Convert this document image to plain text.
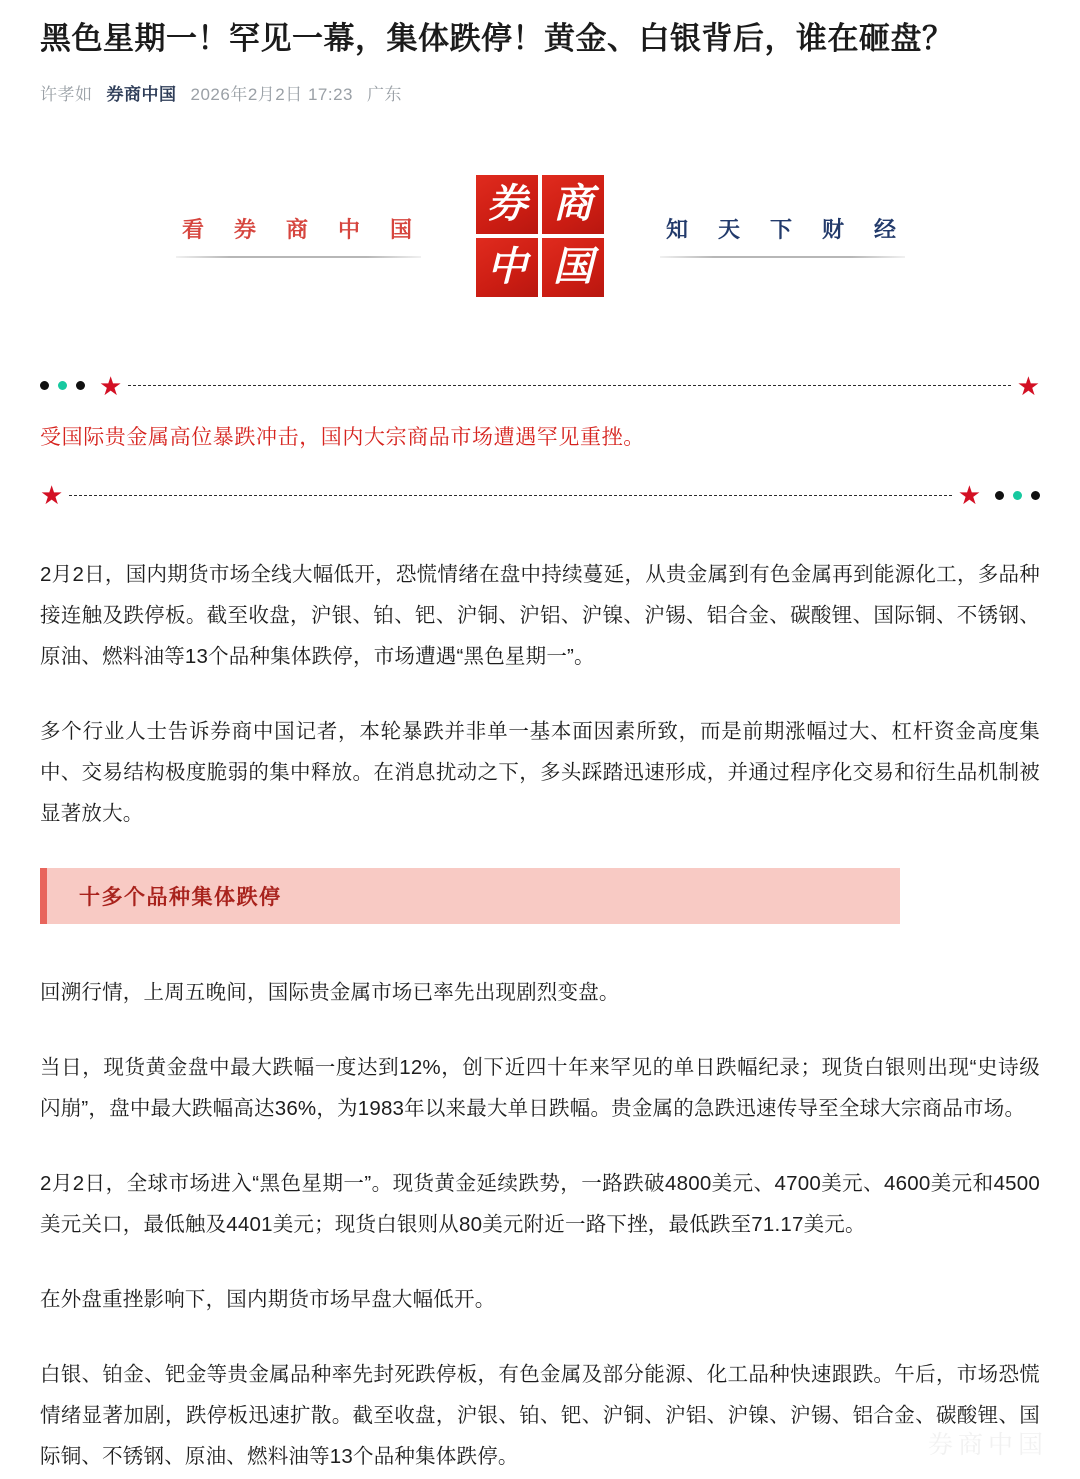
黑色星期一！罕见一幕，集体跌停！黄金、白银背后，谁在砸盘？
许孝如 券商中国 2026年2月2日 17:23 广东
看 券 商 中 国
券 商
中 国
知 天 下 财 经
★	★

受国际贵金属高位暴跌冲击，国内大宗商品市场遭遇罕见重挫。

★	★

2月2日，国内期货市场全线大幅低开，恐慌情绪在盘中持续蔓延，从贵金属到有色金属再到能源化工，多品种接连触及跌停板。截至收盘，沪银、铂、钯、沪铜、沪铝、沪镍、沪锡、铝合金、碳酸锂、国际铜、不锈钢、原油、燃料油等13个品种集体跌停，市场遭遇“黑色星期一”。

多个行业人士告诉券商中国记者，本轮暴跌并非单一基本面因素所致，而是前期涨幅过大、杠杆资金高度集中、交易结构极度脆弱的集中释放。在消息扰动之下，多头踩踏迅速形成，并通过程序化交易和衍生品机制被显著放大。

十多个品种集体跌停

回溯行情，上周五晚间，国际贵金属市场已率先出现剧烈变盘。

当日，现货黄金盘中最大跌幅一度达到12%，创下近四十年来罕见的单日跌幅纪录；现货白银则出现“史诗级闪崩”，盘中最大跌幅高达36%，为1983年以来最大单日跌幅。贵金属的急跌迅速传导至全球大宗商品市场。

2月2日，全球市场进入“黑色星期一”。现货黄金延续跌势，一路跌破4800美元、4700美元、4600美元和4500美元关口，最低触及4401美元；现货白银则从80美元附近一路下挫，最低跌至71.17美元。

在外盘重挫影响下，国内期货市场早盘大幅低开。

白银、铂金、钯金等贵金属品种率先封死跌停板，有色金属及部分能源、化工品种快速跟跌。午后，市场恐慌情绪显著加剧，跌停板迅速扩散。截至收盘，沪银、铂、钯、沪铜、沪铝、沪镍、沪锡、铝合金、碳酸锂、国际铜、不锈钢、原油、燃料油等13个品种集体跌停。	券商中国
